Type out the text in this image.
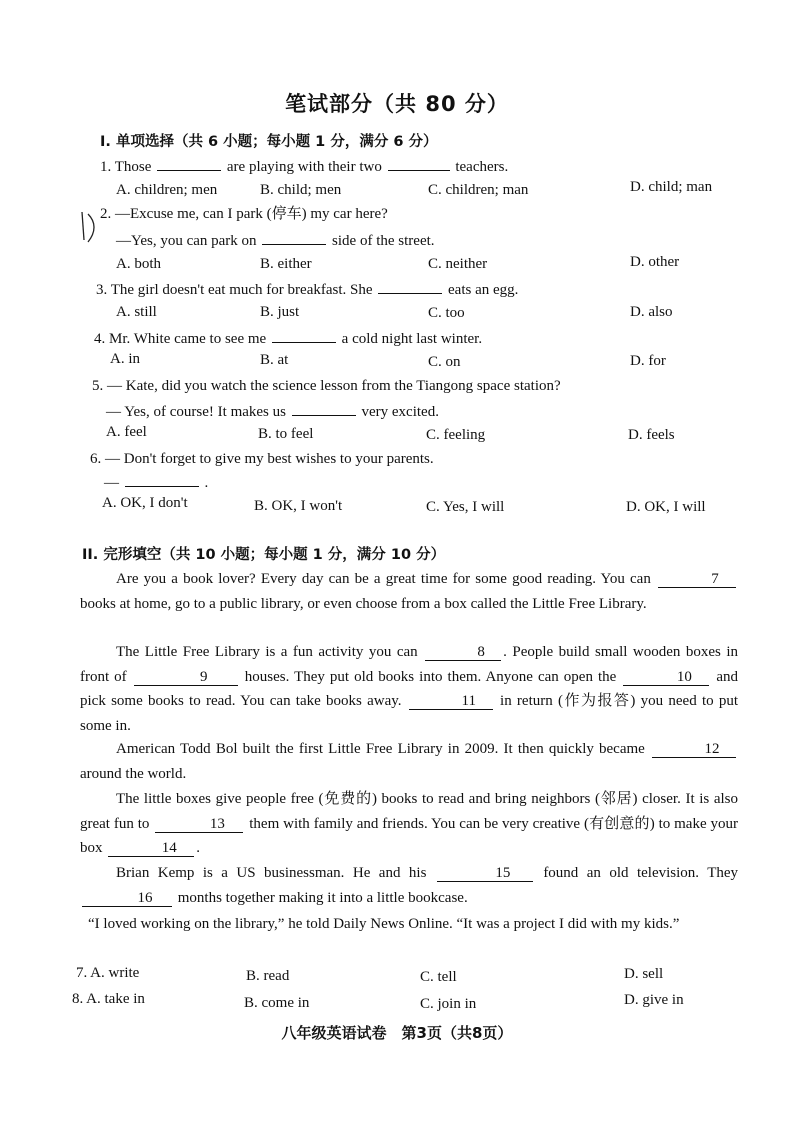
笔试部分（共 80 分）
I. 单项选择（共 6 小题；每小题 1 分，满分 6 分）
1. Those	are playing with their two	teachers.
A. children; men	B. child; men	C. children; man	D. child; man
2. —Excuse me, can I park (停车) my car here?
—Yes, you can park on	side of the street.
A. both	B. either	C. neither	D. other
3. The girl doesn't eat much for breakfast. She	eats an egg.
A. still	B. just	C. too	D. also
4. Mr. White came to see me	a cold night last winter.
A. in	B. at	C. on	D. for
5. — Kate, did you watch the science lesson from the Tiangong space station?
— Yes, of course! It makes us	very excited.
A. feel	B. to feel	C. feeling	D. feels
6. — Don't forget to give my best wishes to your parents.
—	.
A. OK, I don't	B. OK, I won't	C. Yes, I will	D. OK, I will
II. 完形填空（共 10 小题；每小题 1 分，满分 10 分）
Are you a book lover? Every day can be a great time for some good reading. You can	7 books at home, go to a public library, or even choose from a box called the Little Free Library.
The Little Free Library is a fun activity you can	8 . People build small wooden boxes in front of	9 houses. They put old books into them. Anyone can open the	10 and pick some books to read. You can take books away.	11 in return (作为报答) you need to put some in.
American Todd Bol built the first Little Free Library in 2009. It then quickly became	12 around the world.
The little boxes give people free (免费的) books to read and bring neighbors (邻居) closer. It is also great fun to	13 them with family and friends. You can be very creative (有创意的) to make your box	14 .
Brian Kemp is a US businessman. He and his	15 found an old television. They 16 months together making it into a little bookcase.
“I loved working on the library,” he told Daily News Online. “It was a project I did with my kids.”
7. A. write	B. read	C. tell	D. sell
8. A. take in	B. come in	C. join in	D. give in
八年级英语试卷　第3页（共8页）
